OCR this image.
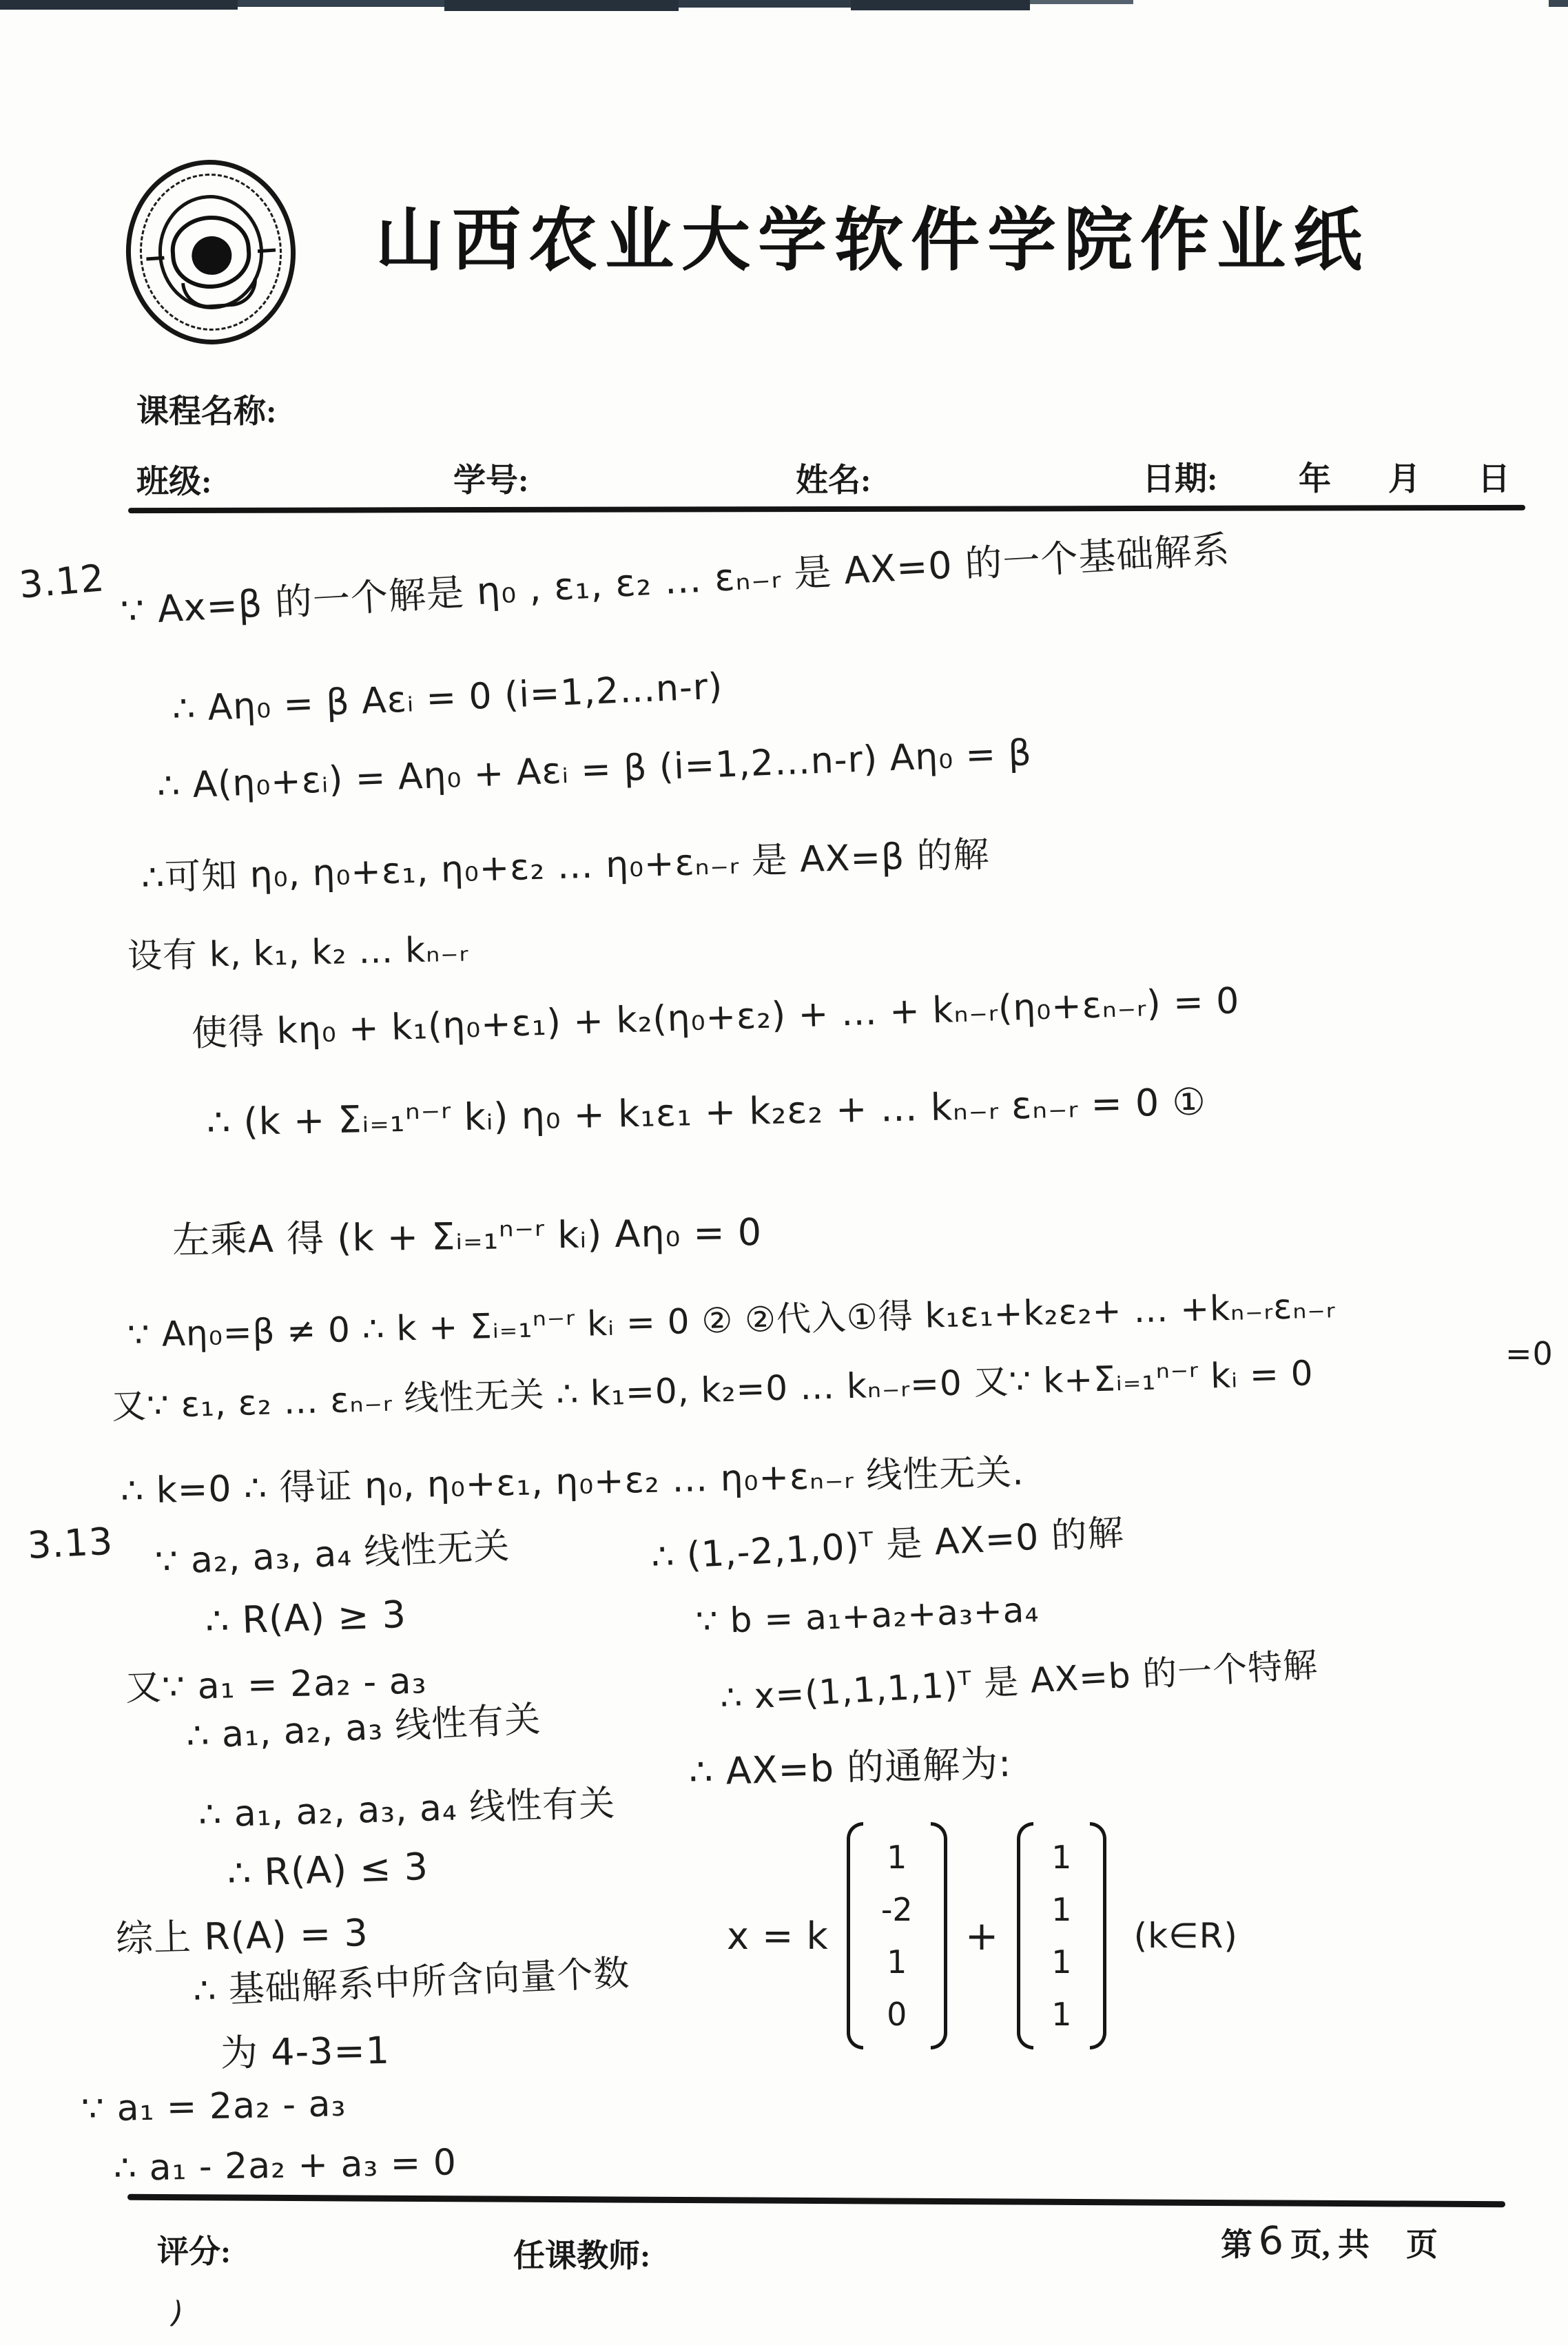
山西农业大学软件学院作业纸
课程名称:
班级:	学号:	姓名:	日期: 年 月 日
3.12 ∵ Ax=β 的一个解是 η₀ , ε₁, ε₂ … εₙ₋ᵣ 是 AX=0 的一个基础解系
∴ Aη₀ = β Aεᵢ = 0 (i=1,2…n-r)
∴ A(η₀+εᵢ) = Aη₀ + Aεᵢ = β (i=1,2…n-r) Aη₀ = β
∴可知 η₀, η₀+ε₁, η₀+ε₂ … η₀+εₙ₋ᵣ 是 AX=β 的解
设有 k, k₁, k₂ … kₙ₋ᵣ
使得 kη₀ + k₁(η₀+ε₁) + k₂(η₀+ε₂) + … + kₙ₋ᵣ(η₀+εₙ₋ᵣ) = 0
∴ (k + Σᵢ₌₁ⁿ⁻ʳ kᵢ) η₀ + k₁ε₁ + k₂ε₂ + … kₙ₋ᵣ εₙ₋ᵣ = 0 ①
左乘A 得 (k + Σᵢ₌₁ⁿ⁻ʳ kᵢ) Aη₀ = 0
∵ Aη₀=β ≠ 0 ∴ k + Σᵢ₌₁ⁿ⁻ʳ kᵢ = 0 ② ②代入①得 k₁ε₁+k₂ε₂+ … +kₙ₋ᵣεₙ₋ᵣ	=0
又∵ ε₁, ε₂ … εₙ₋ᵣ 线性无关 ∴ k₁=0, k₂=0 … kₙ₋ᵣ=0 又∵ k+Σᵢ₌₁ⁿ⁻ʳ kᵢ = 0
∴ k=0 ∴ 得证 η₀, η₀+ε₁, η₀+ε₂ … η₀+εₙ₋ᵣ 线性无关.
3.13 ∵ a₂, a₃, a₄ 线性无关
∴ R(A) ≥ 3
又∵ a₁ = 2a₂ - a₃
∴ a₁, a₂, a₃ 线性有关
∴ a₁, a₂, a₃, a₄ 线性有关
∴ R(A) ≤ 3
综上 R(A) = 3
∴ 基础解系中所含向量个数
为 4-3=1
∵ a₁ = 2a₂ - a₃
∴ a₁ - 2a₂ + a₃ = 0
∴ (1,-2,1,0)ᵀ 是 AX=0 的解
∵ b = a₁+a₂+a₃+a₄
∴ x=(1,1,1,1)ᵀ 是 AX=b 的一个特解
∴ AX=b 的通解为:
x = k
1
-2
1
0
+
1
1
1
1
(k∈R)
评分:	任课教师:	第 6 页, 共 页
)
